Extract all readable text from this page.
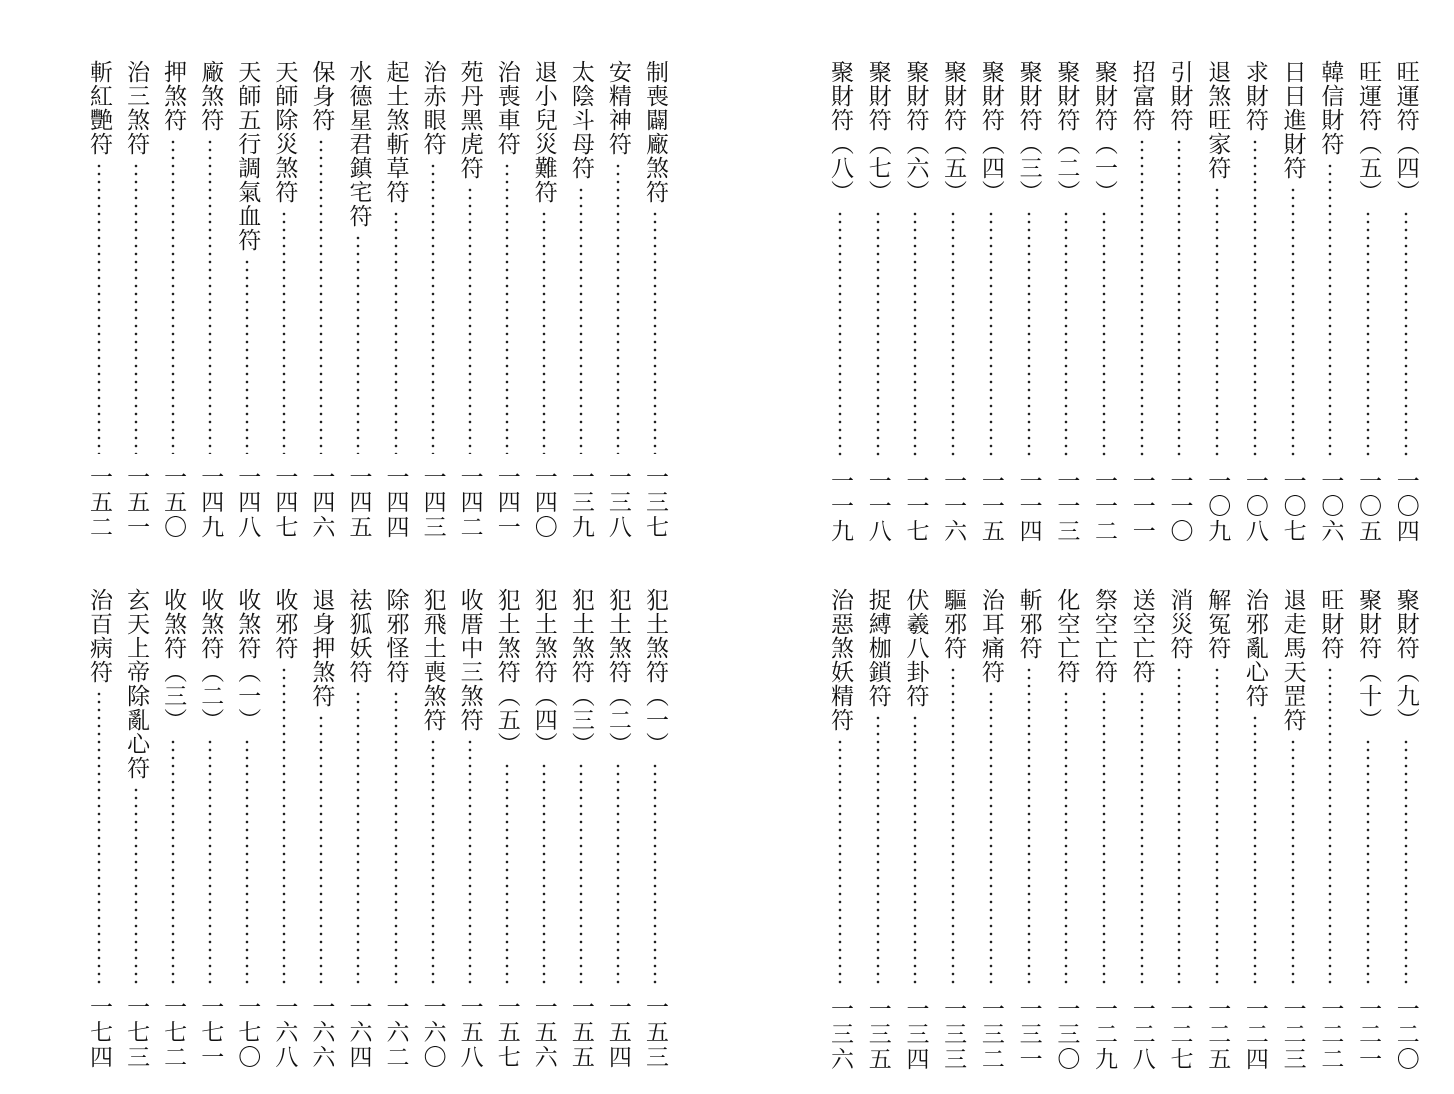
制喪闢廠煞符
一三七
安精神符
一三八
太陰斗母符
一三九
退小兒災難符
一四〇
治喪車符
一四一
苑丹黑虎符
一四二
治赤眼符
一四三
起土煞斬草符
一四四
水德星君鎮宅符
一四五
保身符
一四六
天師除災煞符
一四七
天師五行調氣血符
一四八
廠煞符
一四九
押煞符
一五〇
治三煞符
一五一
斬紅艷符
一五二
犯土煞符（一）
一五三
犯土煞符（二）
一五四
犯土煞符（三）
一五五
犯土煞符（四）
一五六
犯土煞符（五）
一五七
收厝中三煞符
一五八
犯飛土喪煞符
一六〇
除邪怪符
一六二
祛狐妖符
一六四
退身押煞符
一六六
收邪符
一六八
收煞符（一）
一七〇
收煞符（二）
一七一
收煞符（三）
一七二
玄天上帝除亂心符
一七三
治百病符
一七四
旺運符（四）
一〇四
旺運符（五）
一〇五
韓信財符
一〇六
日日進財符
一〇七
求財符
一〇八
退煞旺家符
一〇九
引財符
一一〇
招富符
一一一
聚財符（一）
一一二
聚財符（二）
一一三
聚財符（三）
一一四
聚財符（四）
一一五
聚財符（五）
一一六
聚財符（六）
一一七
聚財符（七）
一一八
聚財符（八）
一一九
聚財符（九）
一二〇
聚財符（十）
一二一
旺財符
一二二
退走馬天罡符
一二三
治邪亂心符
一二四
解冤符
一二五
消災符
一二七
送空亡符
一二八
祭空亡符
一二九
化空亡符
一三〇
斬邪符
一三一
治耳痛符
一三二
驅邪符
一三三
伏羲八卦符
一三四
捉縛枷鎖符
一三五
治惡煞妖精符
一三六
